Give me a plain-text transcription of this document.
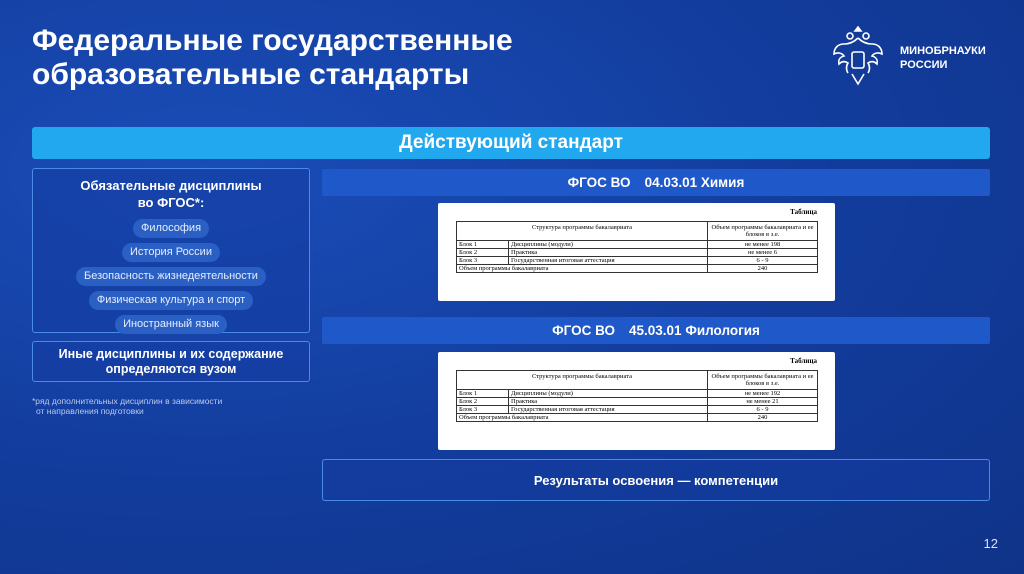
Федеральные государственные
образовательные стандарты
МИНОБРНАУКИ
РОССИИ
Действующий стандарт
Обязательные дисциплины
во ФГОС*:
Философия
История России
Безопасность жизнедеятельности
Физическая культура и спорт
Иностранный язык
Иные дисциплины и их содержание
определяются вузом
*ряд дополнительных дисциплин в зависимости
от направления подготовки
ФГОС ВО 04.03.01 Химия
Таблица
Структура программы бакалавриата		Объем программы бакалавриата и ее блоков в з.е.
Блок 1	Дисциплины (модули)	не менее 198
Блок 2	Практика	не менее 6
Блок 3	Государственная итоговая аттестация	6 - 9
Объем программы бакалавриата		240
ФГОС ВО 45.03.01 Филология
Таблица
Структура программы бакалавриата		Объем программы бакалавриата и ее блоков в з.е.
Блок 1	Дисциплины (модули)	не менее 192
Блок 2	Практика	не менее 21
Блок 3	Государственная итоговая аттестация	6 - 9
Объем программы бакалавриата		240
Результаты освоения — компетенции
12
